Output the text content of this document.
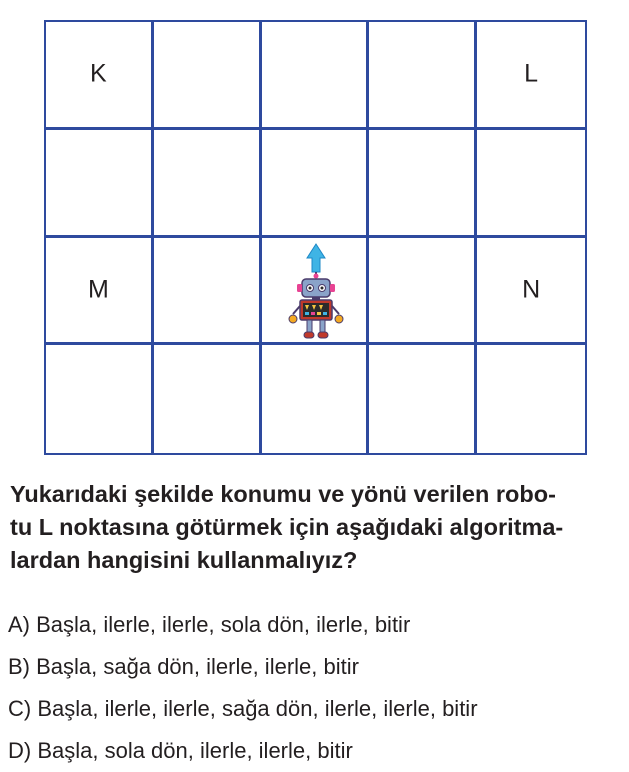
K	L
M	N

Yukarıdaki şekilde konumu ve yönü verilen robo-
tu L noktasına götürmek için aşağıdaki algoritma-
lardan hangisini kullanmalıyız?

A) Başla, ilerle, ilerle, sola dön, ilerle, bitir
B) Başla, sağa dön, ilerle, ilerle, bitir
C) Başla, ilerle, ilerle, sağa dön, ilerle, ilerle, bitir
D) Başla, sola dön, ilerle, ilerle, bitir
